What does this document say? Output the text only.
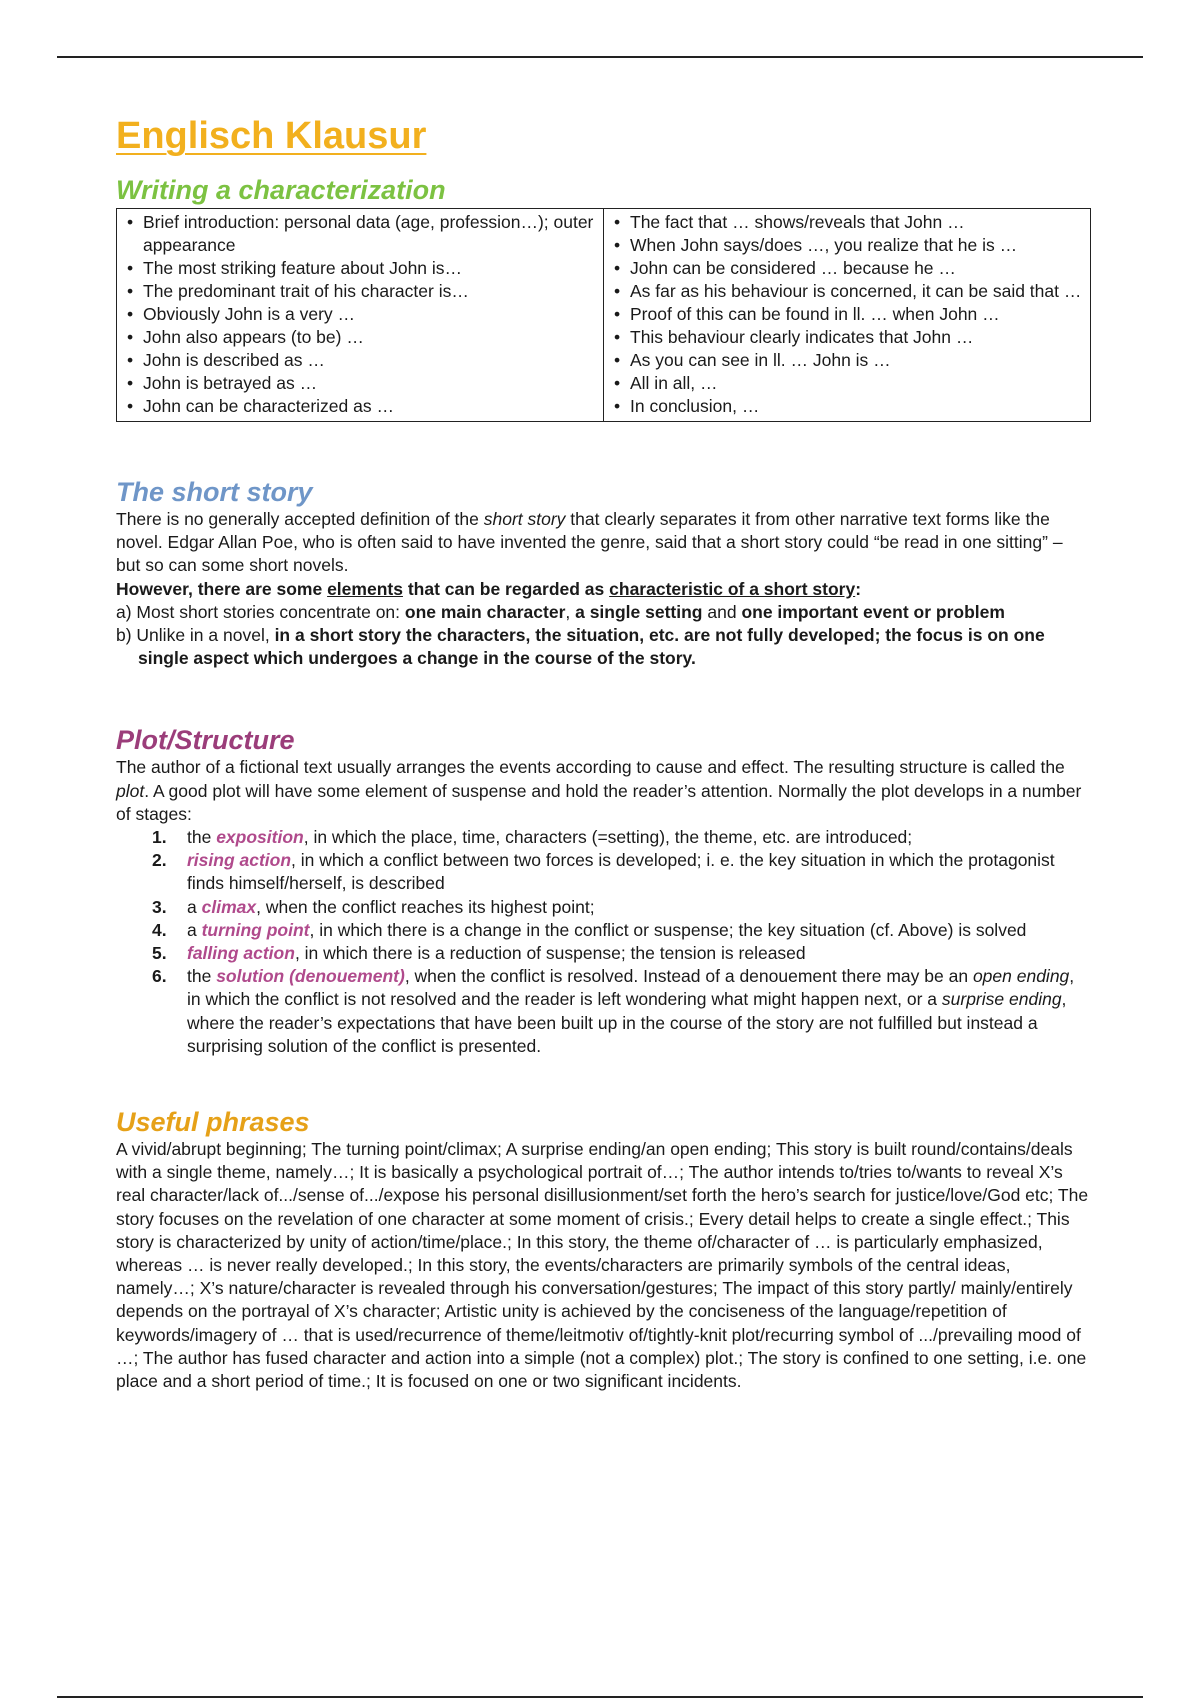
Englisch Klausur
Writing a characterization
• Brief introduction: personal data (age, profession…); outer appearance
• The most striking feature about John is…
• The predominant trait of his character is…
• Obviously John is a very …
• John also appears (to be) …
• John is described as …
• John is betrayed as …
• John can be characterized as …

• The fact that … shows/reveals that John …
• When John says/does …, you realize that he is …
• John can be considered … because he …
• As far as his behaviour is concerned, it can be said that …
• Proof of this can be found in ll. … when John …
• This behaviour clearly indicates that John …
• As you can see in ll. … John is …
• All in all, …
• In conclusion, …
The short story

There is no generally accepted definition of the short story that clearly separates it from other narrative text forms like the novel. Edgar Allan Poe, who is often said to have invented the genre, said that a short story could “be read in one sitting” – but so can some short novels.

However, there are some elements that can be regarded as characteristic of a short story:

a) Most short stories concentrate on: one main character, a single setting and one important event or problem

b) Unlike in a novel, in a short story the characters, the situation, etc. are not fully developed; the focus is on one single aspect which undergoes a change in the course of the story.

Plot/Structure

The author of a fictional text usually arranges the events according to cause and effect. The resulting structure is called the plot. A good plot will have some element of suspense and hold the reader’s attention. Normally the plot develops in a number of stages:

1. the exposition, in which the place, time, characters (=setting), the theme, etc. are introduced;
2. rising action, in which a conflict between two forces is developed; i. e. the key situation in which the protagonist finds himself/herself, is described
3. a climax, when the conflict reaches its highest point;
4. a turning point, in which there is a change in the conflict or suspense; the key situation (cf. Above) is solved
5. falling action, in which there is a reduction of suspense; the tension is released
6. the solution (denouement), when the conflict is resolved. Instead of a denouement there may be an open ending, in which the conflict is not resolved and the reader is left wondering what might happen next, or a surprise ending, where the reader’s expectations that have been built up in the course of the story are not fulfilled but instead a surprising solution of the conflict is presented.
Useful phrases

A vivid/abrupt beginning; The turning point/climax; A surprise ending/an open ending; This story is built round/contains/deals with a single theme, namely…; It is basically a psychological portrait of…; The author intends to/tries to/wants to reveal X’s real character/lack of.../sense of.../expose his personal disillusionment/set forth the hero’s search for justice/love/God etc; The story focuses on the revelation of one character at some moment of crisis.; Every detail helps to create a single effect.; This story is characterized by unity of action/time/place.; In this story, the theme of/character of … is particularly emphasized, whereas … is never really developed.; In this story, the events/characters are primarily symbols of the central ideas, namely…; X’s nature/character is revealed through his conversation/gestures; The impact of this story partly/ mainly/entirely depends on the portrayal of X’s character; Artistic unity is achieved by the conciseness of the language/repetition of keywords/imagery of … that is used/recurrence of theme/leitmotiv of/tightly-knit plot/recurring symbol of .../prevailing mood of …; The author has fused character and action into a simple (not a complex) plot.; The story is confined to one setting, i.e. one place and a short period of time.; It is focused on one or two significant incidents.
